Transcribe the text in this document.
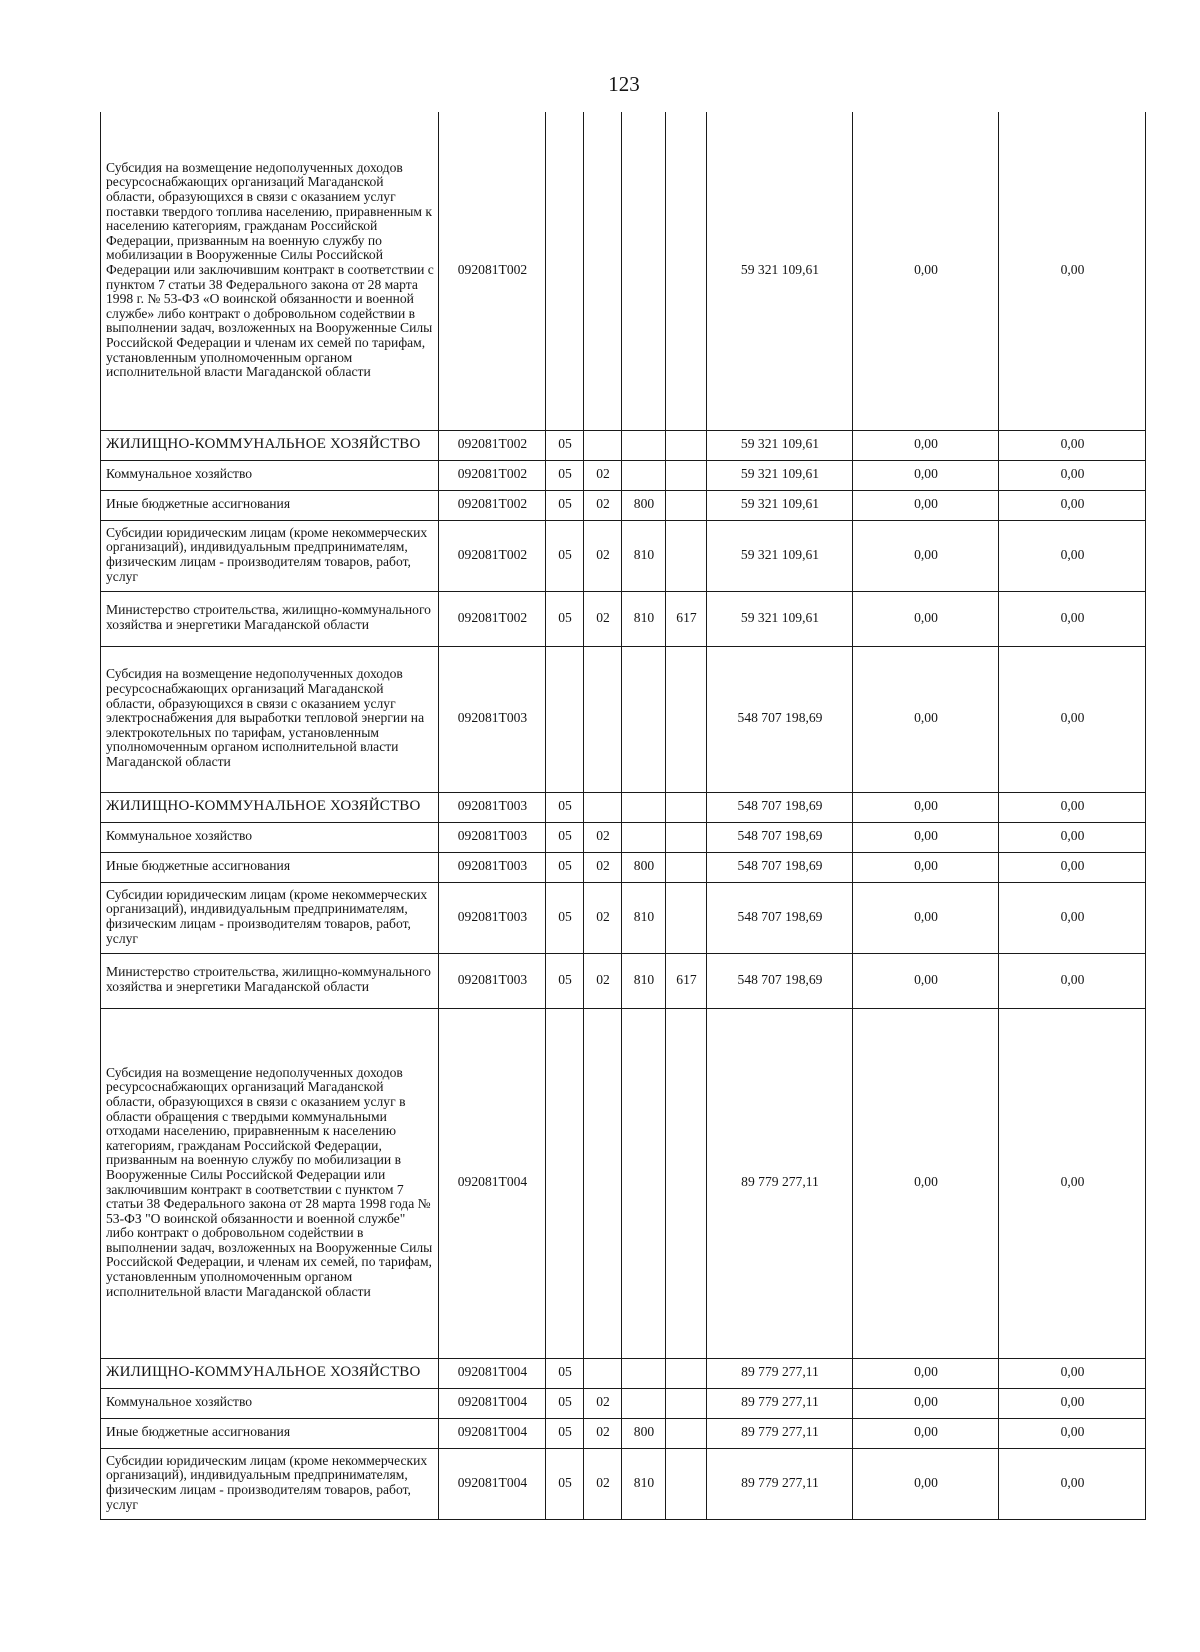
123
Субсидия на возмещение недополученных доходов ресурсоснабжающих организаций Магаданской области, образующихся в связи с оказанием услуг поставки твердого топлива населению, приравненным к населению категориям, гражданам Российской Федерации, призванным на военную службу по мобилизации в Вооруженные Силы Российской Федерации или заключившим контракт в соответствии с пунктом 7 статьи 38 Федерального закона от 28 марта 1998 г. № 53-ФЗ «О воинской обязанности и военной службе» либо контракт о добровольном содействии в выполнении задач, возложенных на Вооруженные Силы Российской Федерации и членам их семей по тарифам, установленным уполномоченным органом исполнительной власти Магаданской области	092081Т002					59 321 109,61	0,00	0,00
ЖИЛИЩНО-КОММУНАЛЬНОЕ ХОЗЯЙСТВО	092081Т002	05				59 321 109,61	0,00	0,00
Коммунальное хозяйство	092081Т002	05	02			59 321 109,61	0,00	0,00
Иные бюджетные ассигнования	092081Т002	05	02	800		59 321 109,61	0,00	0,00
Субсидии юридическим лицам (кроме некоммерческих организаций), индивидуальным предпринимателям, физическим лицам - производителям товаров, работ, услуг	092081Т002	05	02	810		59 321 109,61	0,00	0,00
Министерство строительства, жилищно-коммунального хозяйства и энергетики Магаданской области	092081Т002	05	02	810	617	59 321 109,61	0,00	0,00
Субсидия на возмещение недополученных доходов ресурсоснабжающих организаций Магаданской области, образующихся в связи с оказанием услуг электроснабжения для выработки тепловой энергии на электрокотельных по тарифам, установленным уполномоченным органом исполнительной власти Магаданской области	092081Т003					548 707 198,69	0,00	0,00
ЖИЛИЩНО-КОММУНАЛЬНОЕ ХОЗЯЙСТВО	092081Т003	05				548 707 198,69	0,00	0,00
Коммунальное хозяйство	092081Т003	05	02			548 707 198,69	0,00	0,00
Иные бюджетные ассигнования	092081Т003	05	02	800		548 707 198,69	0,00	0,00
Субсидии юридическим лицам (кроме некоммерческих организаций), индивидуальным предпринимателям, физическим лицам - производителям товаров, работ, услуг	092081Т003	05	02	810		548 707 198,69	0,00	0,00
Министерство строительства, жилищно-коммунального хозяйства и энергетики Магаданской области	092081Т003	05	02	810	617	548 707 198,69	0,00	0,00
Субсидия на возмещение недополученных доходов ресурсоснабжающих организаций Магаданской области, образующихся в связи с оказанием услуг в области обращения с твердыми коммунальными отходами населению, приравненным к населению категориям, гражданам Российской Федерации, призванным на военную службу по мобилизации в Вооруженные Силы Российской Федерации или заключившим контракт в соответствии с пунктом 7 статьи 38 Федерального закона от 28 марта 1998 года № 53-ФЗ "О воинской обязанности и военной службе" либо контракт о добровольном содействии в выполнении задач, возложенных на Вооруженные Силы Российской Федерации, и членам их семей, по тарифам, установленным уполномоченным органом исполнительной власти Магаданской области	092081Т004					89 779 277,11	0,00	0,00
ЖИЛИЩНО-КОММУНАЛЬНОЕ ХОЗЯЙСТВО	092081Т004	05				89 779 277,11	0,00	0,00
Коммунальное хозяйство	092081Т004	05	02			89 779 277,11	0,00	0,00
Иные бюджетные ассигнования	092081Т004	05	02	800		89 779 277,11	0,00	0,00
Субсидии юридическим лицам (кроме некоммерческих организаций), индивидуальным предпринимателям, физическим лицам - производителям товаров, работ, услуг	092081Т004	05	02	810		89 779 277,11	0,00	0,00
